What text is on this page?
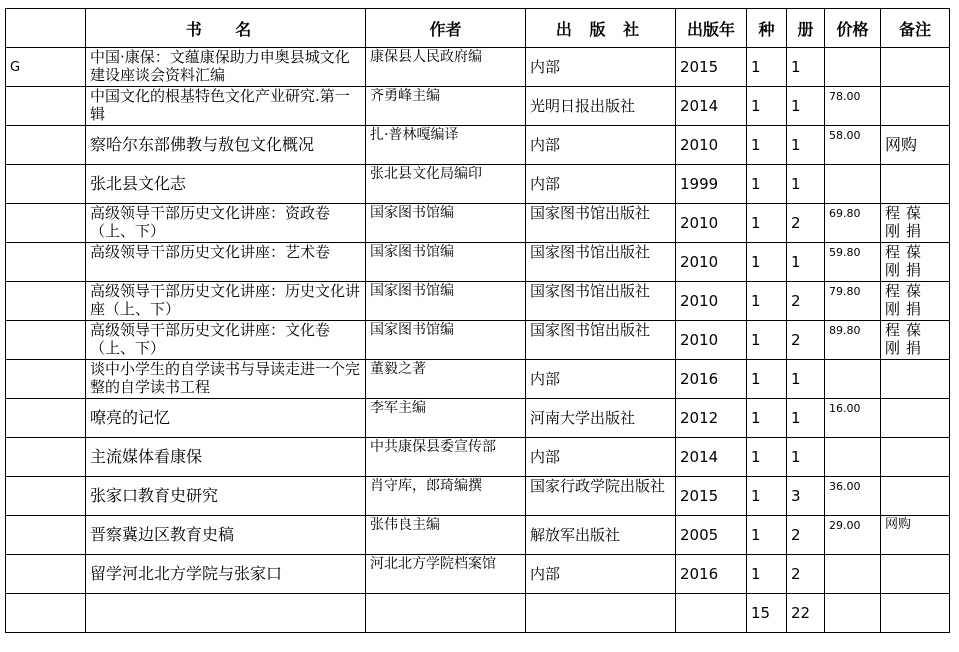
	书 名	作者	出 版 社	出版年	种	册	价格	备注
G	中国·康保：文蕴康保助力申奥县城文化建设座谈会资料汇编	康保县人民政府编	内部	2015	1	1		
	中国文化的根基特色文化产业研究.第一辑	齐勇峰主编	光明日报出版社	2014	1	1	78.00	
	察哈尔东部佛教与敖包文化概况	扎·普林嘎编译	内部	2010	1	1	58.00	网购
	张北县文化志	张北县文化局编印	内部	1999	1	1		
	高级领导干部历史文化讲座：资政卷（上、下）	国家图书馆编	国家图书馆出版社	2010	1	2	69.80	程葆刚捐
	高级领导干部历史文化讲座：艺术卷	国家图书馆编	国家图书馆出版社	2010	1	1	59.80	程葆刚捐
	高级领导干部历史文化讲座：历史文化讲座（上、下）	国家图书馆编	国家图书馆出版社	2010	1	2	79.80	程葆刚捐
	高级领导干部历史文化讲座：文化卷（上、下）	国家图书馆编	国家图书馆出版社	2010	1	2	89.80	程葆刚捐
	谈中小学生的自学读书与导读走进一个完整的自学读书工程	董毅之著	内部	2016	1	1		
	嘹亮的记忆	李军主编	河南大学出版社	2012	1	1	16.00	
	主流媒体看康保	中共康保县委宣传部	内部	2014	1	1		
	张家口教育史研究	肖守库，郎琦编撰	国家行政学院出版社	2015	1	3	36.00	
	晋察冀边区教育史稿	张伟良主编	解放军出版社	2005	1	2	29.00	网购
	留学河北北方学院与张家口	河北北方学院档案馆	内部	2016	1	2		
					15	22		
